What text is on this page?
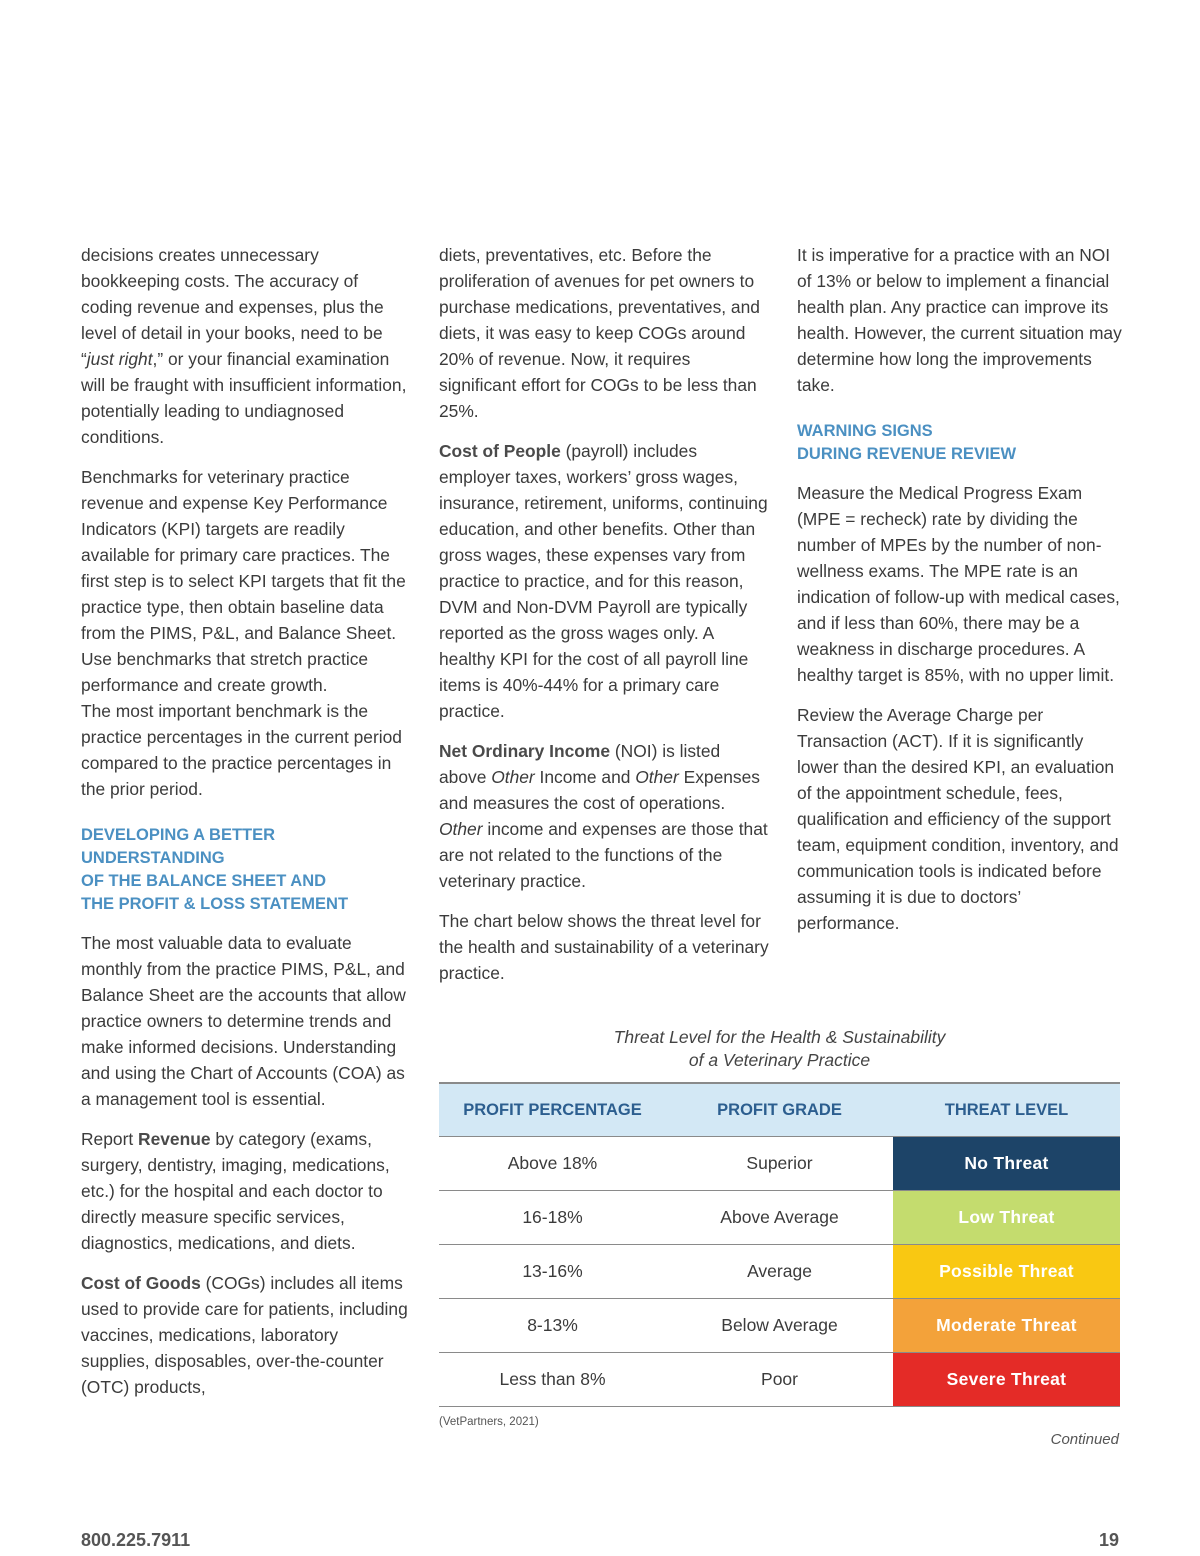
decisions creates unnecessary bookkeeping costs. The accuracy of coding revenue and expenses, plus the level of detail in your books, need to be “just right,” or your financial examination will be fraught with insufficient information, potentially leading to undiagnosed conditions.

Benchmarks for veterinary practice revenue and expense Key Performance Indicators (KPI) targets are readily available for primary care practices. The first step is to select KPI targets that fit the practice type, then obtain baseline data from the PIMS, P&L, and Balance Sheet. Use benchmarks that stretch practice performance and create growth.

The most important benchmark is the practice percentages in the current period compared to the practice percentages in the prior period.

DEVELOPING A BETTER UNDERSTANDING
OF THE BALANCE SHEET AND
THE PROFIT & LOSS STATEMENT

The most valuable data to evaluate monthly from the practice PIMS, P&L, and Balance Sheet are the accounts that allow practice owners to determine trends and make informed decisions. Understanding and using the Chart of Accounts (COA) as a management tool is essential.

Report Revenue by category (exams, surgery, dentistry, imaging, medications, etc.) for the hospital and each doctor to directly measure specific services, diagnostics, medications, and diets.

Cost of Goods (COGs) includes all items used to provide care for patients, including vaccines, medications, laboratory supplies, disposables, over-the-counter (OTC) products,

diets, preventatives, etc. Before the proliferation of avenues for pet owners to purchase medications, preventatives, and diets, it was easy to keep COGs around 20% of revenue. Now, it requires significant effort for COGs to be less than 25%.

Cost of People (payroll) includes employer taxes, workers’ gross wages, insurance, retirement, uniforms, continuing education, and other benefits. Other than gross wages, these expenses vary from practice to practice, and for this reason, DVM and Non-DVM Payroll are typically reported as the gross wages only. A healthy KPI for the cost of all payroll line items is 40%-44% for a primary care practice.

Net Ordinary Income (NOI) is listed above Other Income and Other Expenses and measures the cost of operations. Other income and expenses are those that are not related to the functions of the veterinary practice.

The chart below shows the threat level for the health and sustainability of a veterinary practice.

It is imperative for a practice with an NOI of 13% or below to implement a financial health plan. Any practice can improve its health. However, the current situation may determine how long the improvements take.

WARNING SIGNS
DURING REVENUE REVIEW

Measure the Medical Progress Exam (MPE = recheck) rate by dividing the number of MPEs by the number of non-wellness exams. The MPE rate is an indication of follow-up with medical cases, and if less than 60%, there may be a weakness in discharge procedures. A healthy target is 85%, with no upper limit.

Review the Average Charge per Transaction (ACT). If it is significantly lower than the desired KPI, an evaluation of the appointment schedule, fees, qualification and efficiency of the support team, equipment condition, inventory, and communication tools is indicated before assuming it is due to doctors’ performance.

Threat Level for the Health & Sustainability
of a Veterinary Practice
PROFIT PERCENTAGE	PROFIT GRADE	THREAT LEVEL
Above 18%	Superior	No Threat
16-18%	Above Average	Low Threat
13-16%	Average	Possible Threat
8-13%	Below Average	Moderate Threat
Less than 8%	Poor	Severe Threat
(VetPartners, 2021)
Continued
800.225.7911	19
